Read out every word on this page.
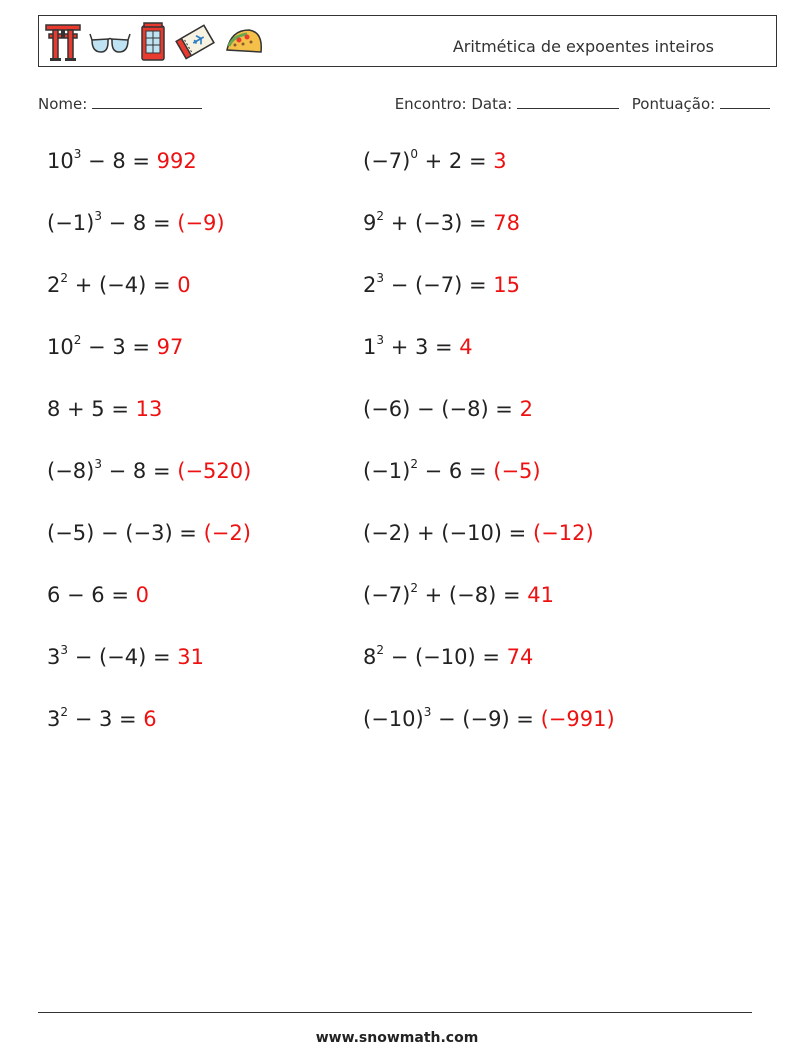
Aritmética de expoentes inteiros
Nome:	Encontro: Data:	Pontuação:
$10^3 - 8 = 992$	$(-7)^0 + 2 = 3$
$(-1)^3 - 8 = (-9)$	$9^2 + (-3) = 78$
$2^2 + (-4) = 0$	$2^3 - (-7) = 15$
$10^2 - 3 = 97$	$1^3 + 3 = 4$
8 + 5 = 13	(−6) − (−8) = 2
$(-8)^3 - 8 = (-520)$	$(-1)^2 - 6 = (-5)$
(−5) − (−3) = (−2)	(−2) + (−10) = (−12)
6 − 6 = 0	$(-7)^2 + (-8) = 41$
$3^3 - (-4) = 31$	$8^2 - (-10) = 74$
$3^2 - 3 = 6$	$(-10)^3 - (-9) = (-991)$
www.snowmath.com
